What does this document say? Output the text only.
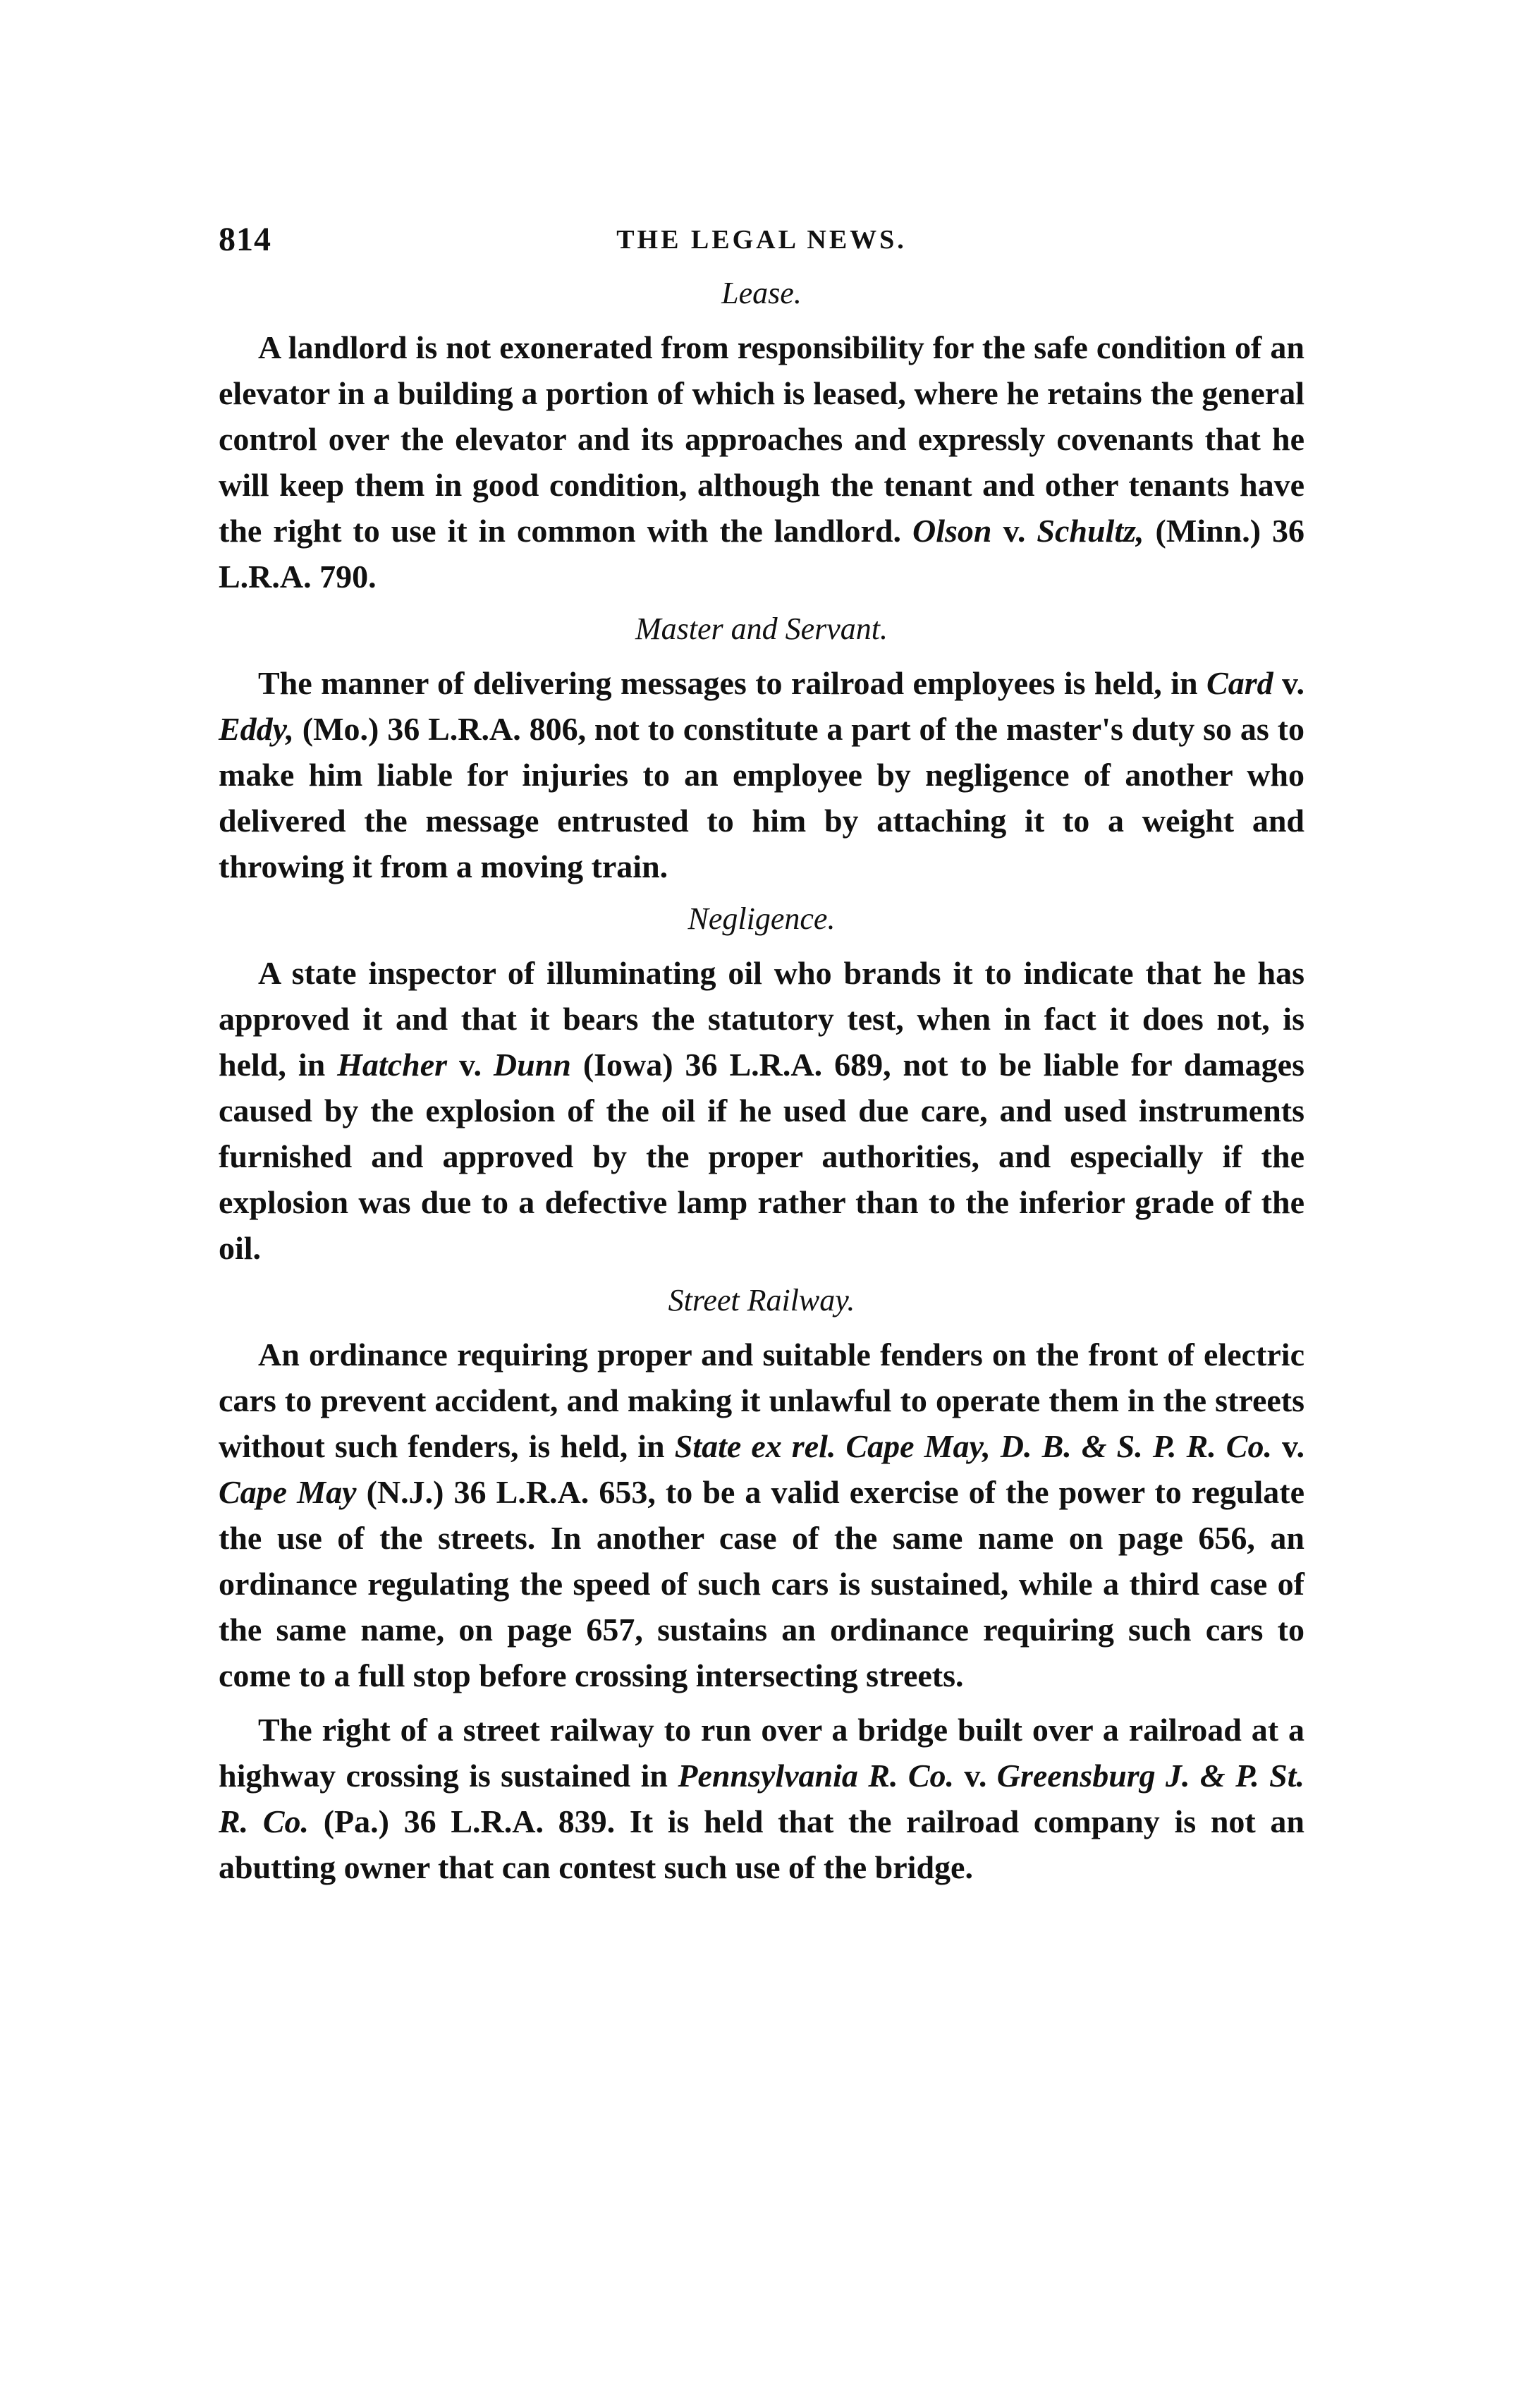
814	THE LEGAL NEWS.
Lease.

A landlord is not exonerated from responsibility for the safe condition of an elevator in a building a portion of which is leased, where he retains the general control over the elevator and its approaches and expressly covenants that he will keep them in good condition, although the tenant and other tenants have the right to use it in common with the landlord. Olson v. Schultz, (Minn.) 36 L.R.A. 790.

Master and Servant.

The manner of delivering messages to railroad employees is held, in Card v. Eddy, (Mo.) 36 L.R.A. 806, not to constitute a part of the master's duty so as to make him liable for injuries to an employee by negligence of another who delivered the message entrusted to him by attaching it to a weight and throwing it from a moving train.

Negligence.

A state inspector of illuminating oil who brands it to indicate that he has approved it and that it bears the statutory test, when in fact it does not, is held, in Hatcher v. Dunn (Iowa) 36 L.R.A. 689, not to be liable for damages caused by the explosion of the oil if he used due care, and used instruments furnished and approved by the proper authorities, and especially if the explosion was due to a defective lamp rather than to the inferior grade of the oil.

Street Railway.

An ordinance requiring proper and suitable fenders on the front of electric cars to prevent accident, and making it unlawful to operate them in the streets without such fenders, is held, in State ex rel. Cape May, D. B. & S. P. R. Co. v. Cape May (N.J.) 36 L.R.A. 653, to be a valid exercise of the power to regulate the use of the streets. In another case of the same name on page 656, an ordinance regulating the speed of such cars is sustained, while a third case of the same name, on page 657, sustains an ordinance requiring such cars to come to a full stop before crossing intersecting streets.

The right of a street railway to run over a bridge built over a railroad at a highway crossing is sustained in Pennsylvania R. Co. v. Greensburg J. & P. St. R. Co. (Pa.) 36 L.R.A. 839. It is held that the railroad company is not an abutting owner that can contest such use of the bridge.
